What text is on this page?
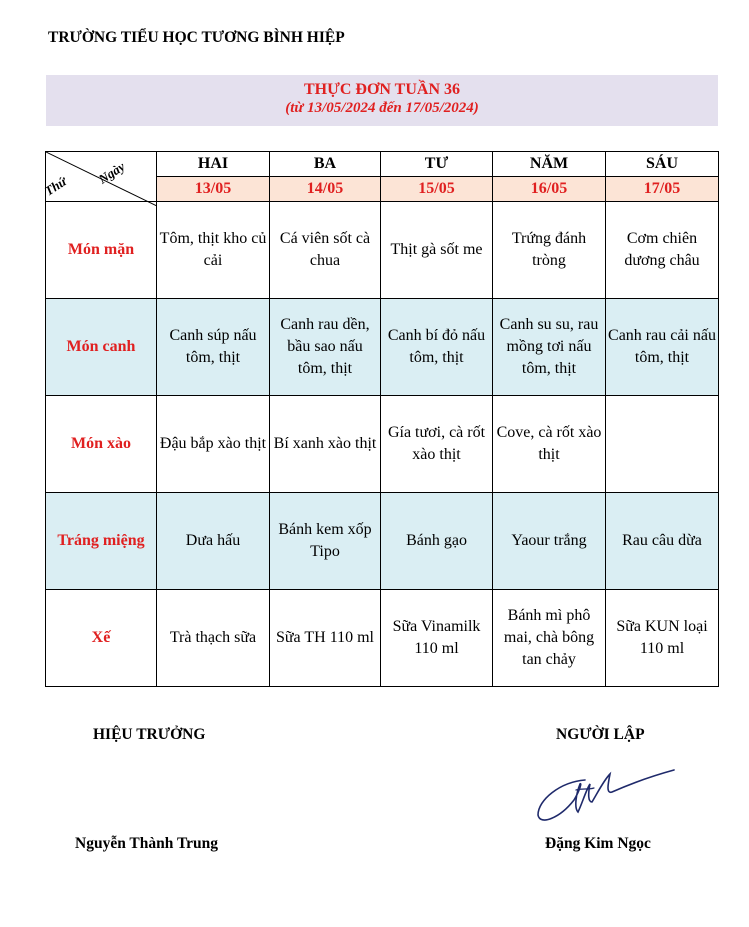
TRƯỜNG TIỂU HỌC TƯƠNG BÌNH HIỆP
THỰC ĐƠN TUẦN 36
(từ 13/05/2024 đến 17/05/2024)
Ngày
Thứ	HAI	BA	TƯ	NĂM	SÁU
	13/05	14/05	15/05	16/05	17/05
Món mặn	Tôm, thịt kho củ cải	Cá viên sốt cà chua	Thịt gà sốt me	Trứng đánh tròng	Cơm chiên dương châu
Món canh	Canh súp nấu tôm, thịt	Canh rau dền, bầu sao nấu tôm, thịt	Canh bí đỏ nấu tôm, thịt	Canh su su, rau mồng tơi nấu tôm, thịt	Canh rau cải nấu tôm, thịt
Món xào	Đậu bắp xào thịt	Bí xanh xào thịt	Gía tươi, cà rốt xào thịt	Cove, cà rốt xào thịt	
Tráng miệng	Dưa hấu	Bánh kem xốp Tipo	Bánh gạo	Yaour trắng	Rau câu dừa
Xế	Trà thạch sữa	Sữa TH 110 ml	Sữa Vinamilk 110 ml	Bánh mì phô mai, chà bông tan chảy	Sữa KUN loại 110 ml
HIỆU TRƯỞNG	NGƯỜI LẬP
Nguyễn Thành Trung	Đặng Kim Ngọc
